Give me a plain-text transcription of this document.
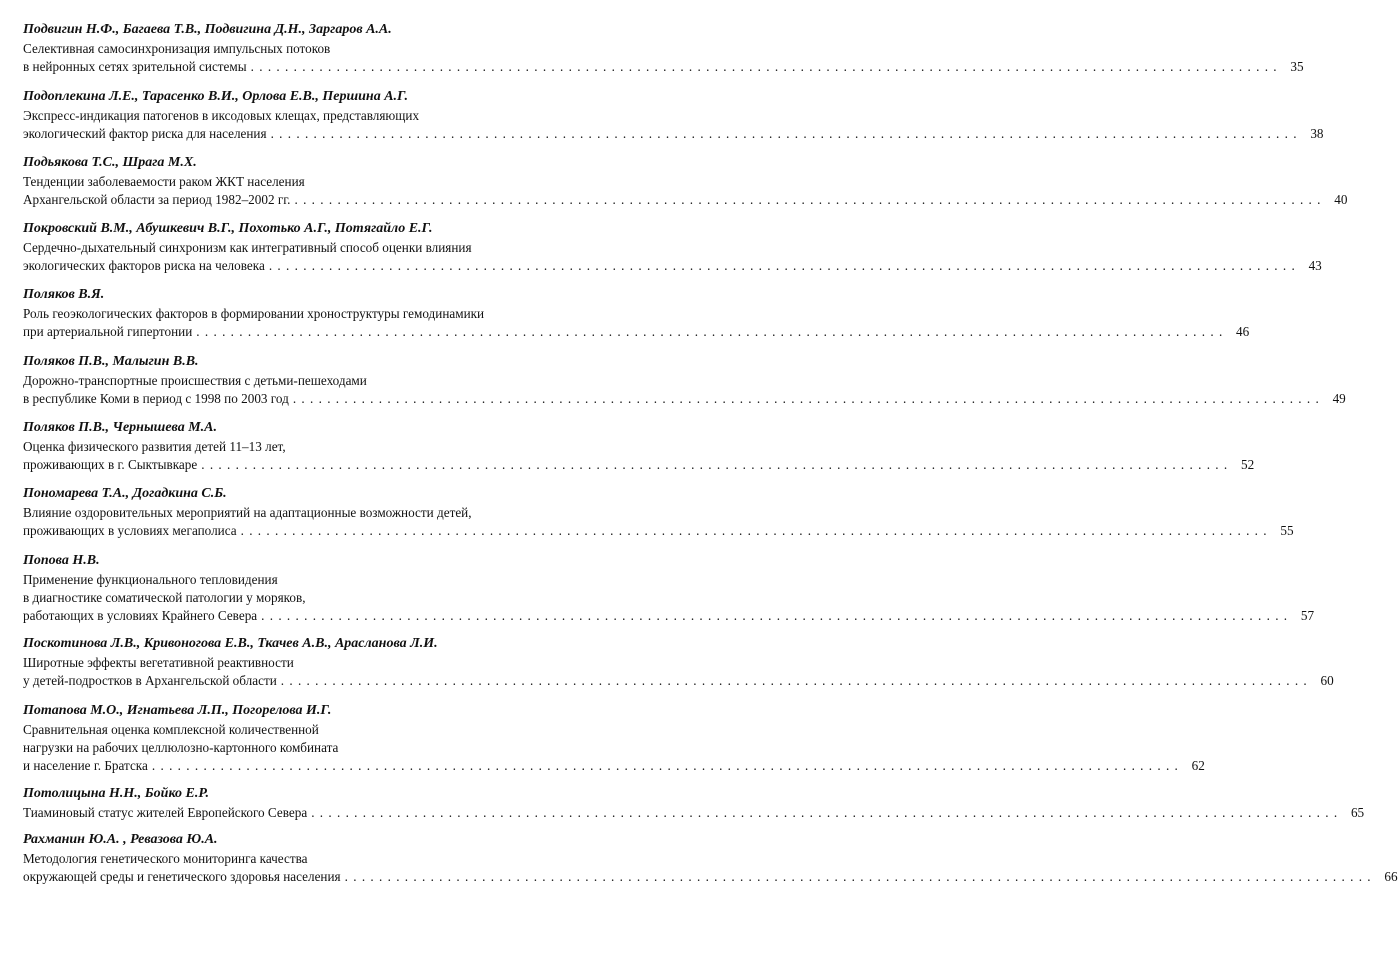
Подвигин Н.Ф., Багаева Т.В., Подвигина Д.Н., Заргаров А.А.
Селективная самосинхронизация импульсных потоков
в нейронных сетях зрительной системы . . . . . . . . . . . . . . . . . . . . . . . . . . . . . . . . . . . . . . . . . . . . . . . . . . . . . . . . . . . . . . . . . . . . . . . . . . . . . . . . . . . . . . . . . . . . . . . . . . . . . . . . . . . . . . . . . . . . . . . . 35
Подоплекина Л.Е., Тарасенко В.И., Орлова Е.В., Першина А.Г.
Экспресс-индикация патогенов в иксодовых клещах, представляющих
экологический фактор риска для населения . . . . . . . . . . . . . . . . . . . . . . . . . . . . . . . . . . . . . . . . . . . . . . . . . . . . . . . . . . . . . . . . . . . . . . . . . . . . . . . . . . . . . . . . . . . . . . . . . . . . . . . . . . . . . . . . . . . . . . . . 38
Подьякова Т.С., Шрага М.Х.
Тенденции заболеваемости раком ЖКТ населения
Архангельской области за период 1982–2002 гг. . . . . . . . . . . . . . . . . . . . . . . . . . . . . . . . . . . . . . . . . . . . . . . . . . . . . . . . . . . . . . . . . . . . . . . . . . . . . . . . . . . . . . . . . . . . . . . . . . . . . . . . . . . . . . . . . . . . . . . . . 40
Покровский В.М., Абушкевич В.Г., Похотько А.Г., Потягайло Е.Г.
Сердечно-дыхательный синхронизм как интегративный способ оценки влияния
экологических факторов риска на человека . . . . . . . . . . . . . . . . . . . . . . . . . . . . . . . . . . . . . . . . . . . . . . . . . . . . . . . . . . . . . . . . . . . . . . . . . . . . . . . . . . . . . . . . . . . . . . . . . . . . . . . . . . . . . . . . . . . . . . . . 43
Поляков В.Я.
Роль геоэкологических факторов в формировании хроноструктуры гемодинамики
при артериальной гипертонии . . . . . . . . . . . . . . . . . . . . . . . . . . . . . . . . . . . . . . . . . . . . . . . . . . . . . . . . . . . . . . . . . . . . . . . . . . . . . . . . . . . . . . . . . . . . . . . . . . . . . . . . . . . . . . . . . . . . . . . . 46
Поляков П.В., Малыгин В.В.
Дорожно-транспортные происшествия с детьми-пешеходами
в республике Коми в период с 1998 по 2003 год . . . . . . . . . . . . . . . . . . . . . . . . . . . . . . . . . . . . . . . . . . . . . . . . . . . . . . . . . . . . . . . . . . . . . . . . . . . . . . . . . . . . . . . . . . . . . . . . . . . . . . . . . . . . . . . . . . . . . . . . 49
Поляков П.В., Чернышева М.А.
Оценка физического развития детей 11–13 лет,
проживающих в г. Сыктывкаре . . . . . . . . . . . . . . . . . . . . . . . . . . . . . . . . . . . . . . . . . . . . . . . . . . . . . . . . . . . . . . . . . . . . . . . . . . . . . . . . . . . . . . . . . . . . . . . . . . . . . . . . . . . . . . . . . . . . . . . . 52
Пономарева Т.А., Догадкина С.Б.
Влияние оздоровительных мероприятий на адаптационные возможности детей,
проживающих в условиях мегаполиса . . . . . . . . . . . . . . . . . . . . . . . . . . . . . . . . . . . . . . . . . . . . . . . . . . . . . . . . . . . . . . . . . . . . . . . . . . . . . . . . . . . . . . . . . . . . . . . . . . . . . . . . . . . . . . . . . . . . . . . . 55
Попова Н.В.
Применение функционального тепловидения
в диагностике соматической патологии у моряков,
работающих в условиях Крайнего Севера . . . . . . . . . . . . . . . . . . . . . . . . . . . . . . . . . . . . . . . . . . . . . . . . . . . . . . . . . . . . . . . . . . . . . . . . . . . . . . . . . . . . . . . . . . . . . . . . . . . . . . . . . . . . . . . . . . . . . . . . 57
Поскотинова Л.В., Кривоногова Е.В., Ткачев А.В., Арасланова Л.И.
Широтные эффекты вегетативной реактивности
у детей-подростков в Архангельской области . . . . . . . . . . . . . . . . . . . . . . . . . . . . . . . . . . . . . . . . . . . . . . . . . . . . . . . . . . . . . . . . . . . . . . . . . . . . . . . . . . . . . . . . . . . . . . . . . . . . . . . . . . . . . . . . . . . . . . . . 60
Потапова М.О., Игнатьева Л.П., Погорелова И.Г.
Сравнительная оценка комплексной количественной
нагрузки на рабочих целлюлозно-картонного комбината
и население г. Братска . . . . . . . . . . . . . . . . . . . . . . . . . . . . . . . . . . . . . . . . . . . . . . . . . . . . . . . . . . . . . . . . . . . . . . . . . . . . . . . . . . . . . . . . . . . . . . . . . . . . . . . . . . . . . . . . . . . . . . . . 62
Потолицына Н.Н., Бойко Е.Р.
Тиаминовый статус жителей Европейского Севера . . . . . . . . . . . . . . . . . . . . . . . . . . . . . . . . . . . . . . . . . . . . . . . . . . . . . . . . . . . . . . . . . . . . . . . . . . . . . . . . . . . . . . . . . . . . . . . . . . . . . . . . . . . . . . . . . . . . . . . . 65
Рахманин Ю.А. , Ревазова Ю.А.
Методология генетического мониторинга качества
окружающей среды и генетического здоровья населения . . . . . . . . . . . . . . . . . . . . . . . . . . . . . . . . . . . . . . . . . . . . . . . . . . . . . . . . . . . . . . . . . . . . . . . . . . . . . . . . . . . . . . . . . . . . . . . . . . . . . . . . . . . . . . . . . . . . . . . . 66
